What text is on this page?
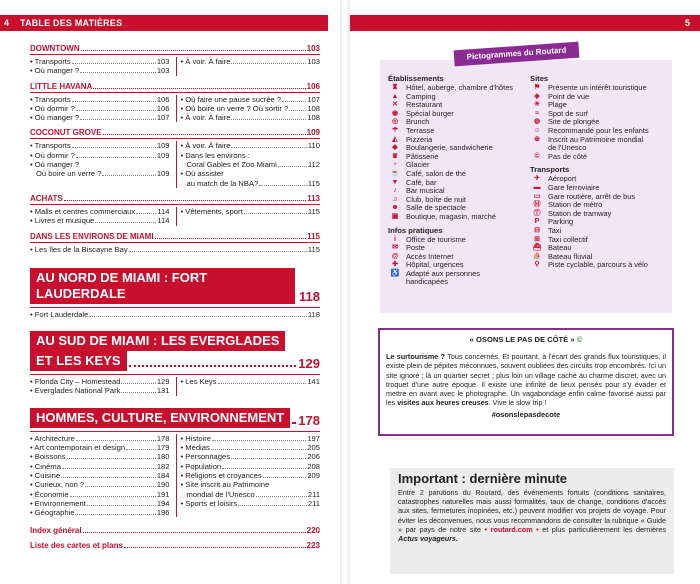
4 TABLE DES MATIÈRES
DOWNTOWN	103
• Transports	103
• Où manger ?	103
• À voir. À faire	103
LITTLE HAVANA	106
• Transports	106
• Où dormir ?	106
• Où manger ?	107
• Où faire une pause sucrée ?	107
• Où boire un verre ? Où sortir ?	108
• À voir. À faire	108
COCONUT GROVE	109
• Transports	109
• Où dormir ?	109
• Où manger ?
Où boire un verre ?	109
• À voir. À faire	110
• Dans les environs :
Coral Gables et Zoo Miami	112
• Où assister
au match de la NBA?	115
ACHATS	113
• Malls et centres commerciaux	114
• Livres et musique	114
• Vêtements, sport	115
DANS LES ENVIRONS DE MIAMI	115
• Les îles de la Biscayne Bay	115
AU NORD DE MIAMI : FORT LAUDERDALE	118
• Fort Lauderdale	118
AU SUD DE MIAMI : LES EVERGLADES
ET LES KEYS	129
• Florida City – Homestead	129
• Everglades National Park	131
• Les Keys	141
HOMMES, CULTURE, ENVIRONNEMENT	178
• Architecture	178
• Art contemporain et design	179
• Boissons	180
• Cinéma	182
• Cuisine	184
• Curieux, non ?	190
• Économie	191
• Environnement	194
• Géographie	196
• Histoire	197
• Médias	205
• Personnages	206
• Population	208
• Religions et croyances	209
• Site inscrit au Patrimoine
mondial de l'Unesco	211
• Sports et loisirs	211
Index général	220
Liste des cartes et plans	223
5
Pictogrammes du Routard
Établissements
♜	Hôtel, auberge, chambre d'hôtes
▲	Camping
✕	Restaurant
◉	Spécial burger
◎	Brunch
☂	Terrasse
◭	Pizzeria
◆	Boulangerie, sandwicherie
♛	Pâtisserie
♆	Glacier
☕ Café, salon de thé
▼	Café, bar
♪	Bar musical
♫	Club, boîte de nuit
☻ Salle de spectacle
▣	Boutique, magasin, marché
Infos pratiques
i	Office de tourisme
✉	Poste
@	Accès Internet
✚	Hôpital, urgences
♿ Adapté aux personnes
handicapées
Sites
⚑	Présente un intérêt touristique
◈	Point de vue
☀	Plage
≈	Spot de surf
◍	Site de plongée
☺	Recommandé pour les enfants
⊕	Inscrit au Patrimoine mondial
de l'Unesco
©	Pas de côté
Transports
✈	Aéroport
▬	Gare ferroviaire
▭	Gare routière, arrêt de bus
Ⓜ	Station de métro
Ⓣ	Station de tramway
P	Parking
⊟	Taxi
⊞	Taxi collectif
⛴ Bateau
⛵ Bateau fluvial
⚲	Piste cyclable, parcours à vélo
« OSONS LE PAS DE CÔTÉ » ©
Le surtourisme ? Tous concernés. Et pourtant, à l'écart des grands flux touristiques, il existe plein de pépites méconnues, souvent oubliées des circuits trop encombrés. Ici un site ignoré ; là un quartier secret ; plus loin un village caché au charme discret, avec un troquet d'une autre époque. Il existe une infinité de lieux pensés pour s'y évader et mettre en avant avec le photographe. Un vagabondage enfin calme favorisé aussi par les visites aux heures creuses. Vive le slow trip !
#osonslepasdecote
Important : dernière minute
Entre 2 parutions du Routard, des événements fortuits (conditions sanitaires, catastrophes naturelles mais aussi formalités, taux de change, conditions d'accès aux sites, fermetures inopinées, etc.) peuvent modifier vos projets de voyage. Pour éviter les déconvenues, nous vous recommandons de consulter la rubrique « Guide » par pays de notre site • routard.com • et plus particulièrement les dernières Actus voyageurs.
